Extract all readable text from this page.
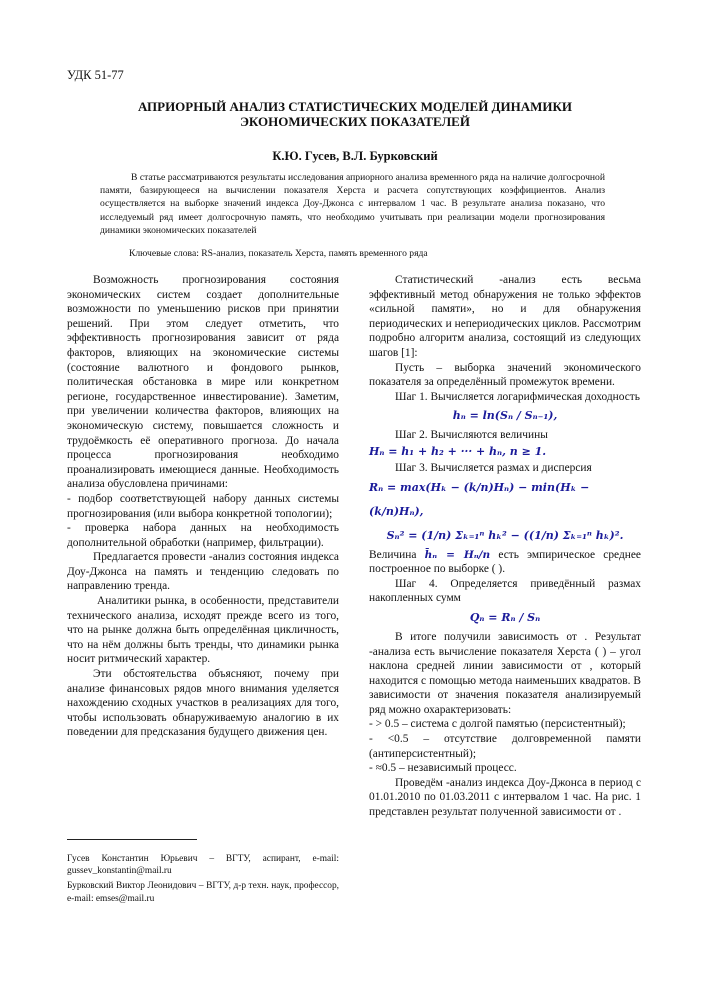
УДК 51-77
АПРИОРНЫЙ АНАЛИЗ СТАТИСТИЧЕСКИХ МОДЕЛЕЙ ДИНАМИКИ
ЭКОНОМИЧЕСКИХ ПОКАЗАТЕЛЕЙ
К.Ю. Гусев, В.Л. Бурковский

В статье рассматриваются результаты исследования априорного анализа временного ряда на наличие долгосрочной памяти, базирующееся на вычислении показателя Херста и расчета сопутствующих коэффициентов. Анализ осуществляется на выборке значений индекса Доу-Джонса с интервалом 1 час. В результате анализа показано, что исследуемый ряд имеет долгосрочную память, что необходимо учитывать при реализации модели прогнозирования динамики экономических показателей

Ключевые слова: RS-анализ, показатель Херста, память временного ряда

Возможность прогнозирования состояния экономических систем создает дополнительные возможности по уменьшению рисков при принятии решений. При этом следует отметить, что эффективность прогнозирования зависит от ряда факторов, влияющих на экономические системы (состояние валютного и фондового рынков, политическая обстановка в мире или конкретном регионе, государственное инвестирование). Заметим, при увеличении количества факторов, влияющих на экономическую систему, повышается сложность и трудоёмкость её оперативного прогноза. До начала процесса прогнозирования необходимо проанализировать имеющиеся данные. Необходимость анализа обусловлена причинами:

- подбор соответствующей набору данных системы прогнозирования (или выбора конкретной топологии);

- проверка набора данных на необходимость дополнительной обработки (например, фильтрации).

Предлагается провести -анализ состояния индекса Доу-Джонса на память и тенденцию следовать по направлению тренда.

Аналитики рынка, в особенности, представители технического анализа, исходят прежде всего из того, что на рынке должна быть определённая цикличность, что на нём должны быть тренды, что динамики рынка носит ритмический характер.

Эти обстоятельства объясняют, почему при анализе финансовых рядов много внимания уделяется нахождению сходных участков в реализациях для того, чтобы использовать обнаруживаемую аналогию в их поведении для предсказания будущего движения цен.

Гусев Константин Юрьевич – ВГТУ, аспирант, e-mail: gussev_konstantin@mail.ru

Бурковский Виктор Леонидович – ВГТУ, д-р техн. наук, профессор, e-mail: emses@mail.ru

Статистический -анализ есть весьма эффективный метод обнаружения не только эффектов «сильной памяти», но и для обнаружения периодических и непериодических циклов. Рассмотрим подробно алгоритм анализа, состоящий из следующих шагов [1]:

Пусть – выборка значений экономического показателя за определённый промежуток времени.

Шаг 1. Вычисляется логарифмическая доходность

hₙ = ln(Sₙ / Sₙ₋₁),

Шаг 2. Вычисляются величины

Hₙ = h₁ + h₂ + ··· + hₙ, n ≥ 1.

Шаг 3. Вычисляется размах и дисперсия

Rₙ = max(Hₖ − (k/n)Hₙ) − min(Hₖ − (k/n)Hₙ),
Sₙ² = (1/n) Σₖ₌₁ⁿ hₖ² − ((1/n) Σₖ₌₁ⁿ hₖ)².

Величина h̄ₙ = Hₙ/n есть эмпирическое среднее построенное по выборке ( ).

Шаг 4. Определяется приведённый размах накопленных сумм

Qₙ = Rₙ / Sₙ

В итоге получили зависимость от . Результат -анализа есть вычисление показателя Херста ( ) – угол наклона средней линии зависимости от , который находится с помощью метода наименьших квадратов. В зависимости от значения показателя анализируемый ряд можно охарактеризовать:

- > 0.5 – система с долгой памятью (персистентный);

- <0.5 – отсутствие долговременной памяти (антиперсистентный);

- ≈0.5 – независимый процесс.

Проведём -анализ индекса Доу-Джонса в период с 01.01.2010 по 01.03.2011 с интервалом 1 час. На рис. 1 представлен результат полученной зависимости от .
